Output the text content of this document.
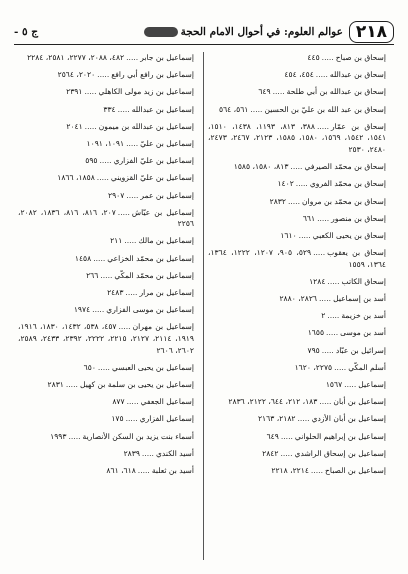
٢١٨
عوالم العلوم: في أحوال الامام الحجة
ج ٥ -
إسحاق بن صباح..... ٤٤٥
إسحاق بن عبدالله..... ٤٥٤، ٤٥٤
إسحاق بن عبدالله بن أبي طلحة..... ٦٤٩
إسحاق بن عبد الله بن عليّ بن الحسين..... ٥٦١، ٥٦٤
إسحاق بن عمّار..... ٣٨٨، ٨١٣، ١١٩٣، ١٤٣٨، ١٥١٠، ١٥٤١، ١٥٤٢، ١٥٦٩، ١٥٨٠، ١٥٨٥، ٢١٢٣، ٢٤٦٧، ٢٤٧٣، ٢٤٨٠، ٢٥٣٠
إسحاق بن محمّد الصيرفي..... ٨١٣، ١٥٨٠، ١٥٨٥
إسحاق بن محمّد الفروي..... ١٤٠٢
إسحاق بن محمّد بن مروان..... ٢٨٣٢
إسحاق بن منصور..... ٦٦١
إسحاق بن يحيى الكعبي..... ١٦١٠
إسحاق بن يعقوب..... ٥٢٩، ٩٠٥، ١٢٠٧، ١٢٢٢، ١٣٦٤، ١٣٦٤، ١٥٥٩
إسحاق الكاتب..... ١٢٨٤
أسد بن إسماعيل..... ٢٨٢٦، ٢٨٨٠
أسد بن خزيمة..... ٢
أسد بن موسى..... ١٦٥٥
إسرائيل بن عبّاد..... ٧٩٥
أسلم المكّي..... ٢٢٧٥، ١٦٢٠
إسماعيل..... ١٥٦٧
إسماعيل بن أبان..... ١٨٣، ٢١٢، ٦٤٤، ٢١٢٢، ٢٨٣٦
إسماعيل بن أبان الأزدي..... ٢١٨٢، ٢١٦٣
إسماعيل بن إبراهيم الحلواني..... ٦٤٩
إسماعيل بن إسحاق الراشدي..... ٢٨٤٢
إسماعيل بن الصباح..... ٢٢١٤، ٢٢١٨
إسماعيل بن جابر..... ٤٨٢، ٢٠٨٨، ٢٢٧٧، ٢٥٨١، ٢٢٨٤
إسماعيل بن رافع أبي رافع..... ٢٠٢٠، ٢٥٦٤
إسماعيل بن زيد مولى الكاهلي..... ٢٣٩١
إسماعيل بن عبدالله..... ٣٣٤
إسماعيل بن عبدالله بن ميمون..... ٢٠٤١
إسماعيل بن عليّ..... ١٠٩١، ١٠٩١
إسماعيل بن عليّ الفزاري..... ٥٩٥
إسماعيل بن عليّ القزويني..... ١٨٥٨، ١٨٦٦
إسماعيل بن عمر..... ٢٩٠٧
إسماعيل بن عيّاش..... ٢٠٧، ٨١٦، ٨١٦، ١٨٣٦، ٢٠٨٢، ٢٢٥٦
إسماعيل بن مالك..... ٢١١
إسماعيل بن محمّد الخزاعي..... ١٤٥٨
إسماعيل بن محمّد المكّي..... ٢٦٦
إسماعيل بن مرار..... ٢٤٨٣
إسماعيل بن موسى الفزاري..... ١٩٧٤
إسماعيل بن مهران..... ٤٥٧، ٥٣٨، ١٤٣٢، ١٨٣٠، ١٩١٦، ١٩١٩، ٢١١٤، ٢١٢٧، ٢٢١٥، ٢٢٢٢، ٢٣٩٢، ٢٤٣٣، ٢٥٨٩، ٢٦٠٢، ٢٦٠٦
إسماعيل بن يحيى العبسي..... ٦٥٠
إسماعيل بن يحيى بن سلمة بن كهيل..... ٢٨٣١
إسماعيل الجعفي..... ٨٧٧
إسماعيل الفزاري..... ١٧٥
أسماء بنت يزيد بن السكن الأنصارية..... ١٩٩٣
أسيد الكندي..... ٢٨٣٩
أسيد بن ثعلبة..... ٦١٨، ٨٦١
